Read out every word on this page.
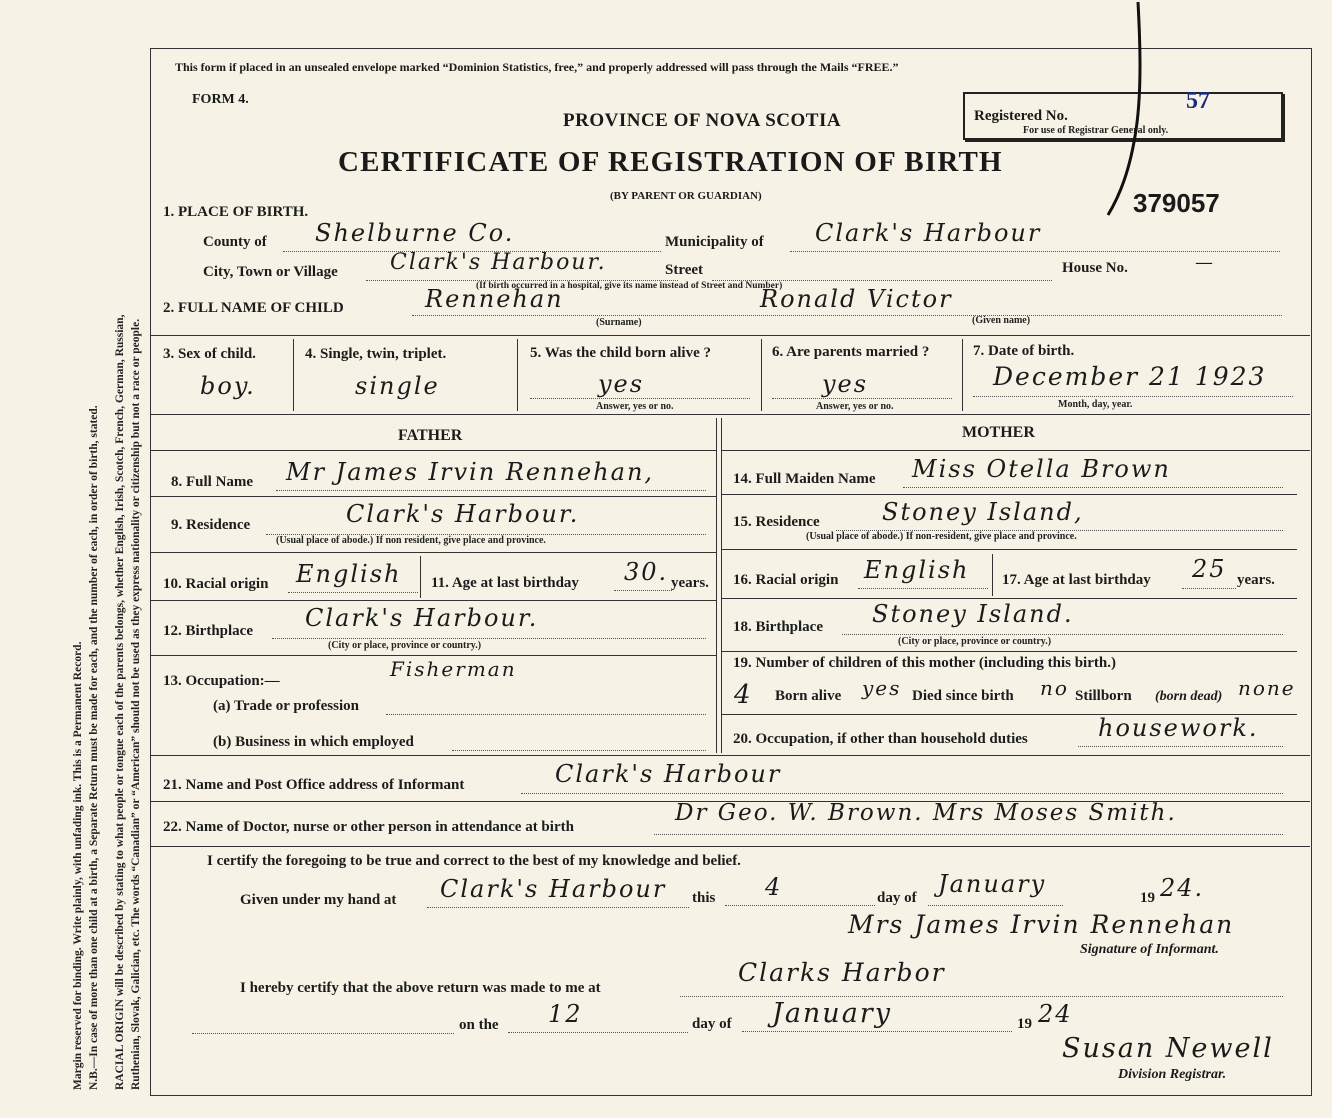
Margin reserved for binding. Write plainly, with unfading ink. This is a Permanent Record. N.B.—In case of more than one child at a birth, a Separate Return must be made for each, and the number of each, in order of birth, stated. RACIAL ORIGIN will be described by stating to what people or tongue each of the parents belongs, whether English, Irish, Scotch, French, German, Russian, Ruthenian, Slovak, Galician, etc. The words “Canadian” or “American” should not be used as they express nationality or citizenship but not a race or people.
This form if placed in an unsealed envelope marked “Dominion Statistics, free,” and properly addressed will pass through the Mails “FREE.”
FORM 4.
PROVINCE OF NOVA SCOTIA
CERTIFICATE OF REGISTRATION OF BIRTH
(BY PARENT OR GUARDIAN)
Registered No.
57
For use of Registrar General only.
379057
1. PLACE OF BIRTH.
County of Shelburne Co.	Municipality of Clark's Harbour
City, Town or Village Clark's Harbour.	Street	House No.	—
(If birth occurred in a hospital, give its name instead of Street and Number)
2. FULL NAME OF CHILD	Rennehan
(Surname)
Ronald Victor
(Given name)
3. Sex of child.
boy.
4. Single, twin, triplet.
single
5. Was the child born alive ?
yes
Answer, yes or no.
6. Are parents married ?
yes
Answer, yes or no.
7. Date of birth.
December 21 1923
Month, day, year.
FATHER	MOTHER
8. Full Name Mr James Irvin Rennehan,
9. Residence	Clark's Harbour.
(Usual place of abode.) If non resident, give place and province.
10. Racial origin English 11. Age at last birthday 30. years.
12. Birthplace Clark's Harbour.
(City or place, province or country.)
13. Occupation:—	Fisherman
(a) Trade or profession
(b) Business in which employed
14. Full Maiden Name Miss Otella Brown
15. Residence	Stoney Island,
(Usual place of abode.) If non-resident, give place and province.
16. Racial origin English 17. Age at last birthday 25 years.
18. Birthplace Stoney Island.
(City or place, province or country.)
19. Number of children of this mother (including this birth.)
4 Born alive yes Died since birth no Stillborn (born dead) none
20. Occupation, if other than household duties	housework.
21. Name and Post Office address of Informant	Clark's Harbour
22. Name of Doctor, nurse or other person in attendance at birth
Dr Geo. W. Brown. Mrs Moses Smith.
I certify the foregoing to be true and correct to the best of my knowledge and belief.
Given under my hand at Clark's Harbour this 4	day of January	19 24.
Mrs James Irvin Rennehan
Signature of Informant.
I hereby certify that the above return was made to me at
Clarks Harbor
on the 12	day of January	19 24
Susan Newell
Division Registrar.
